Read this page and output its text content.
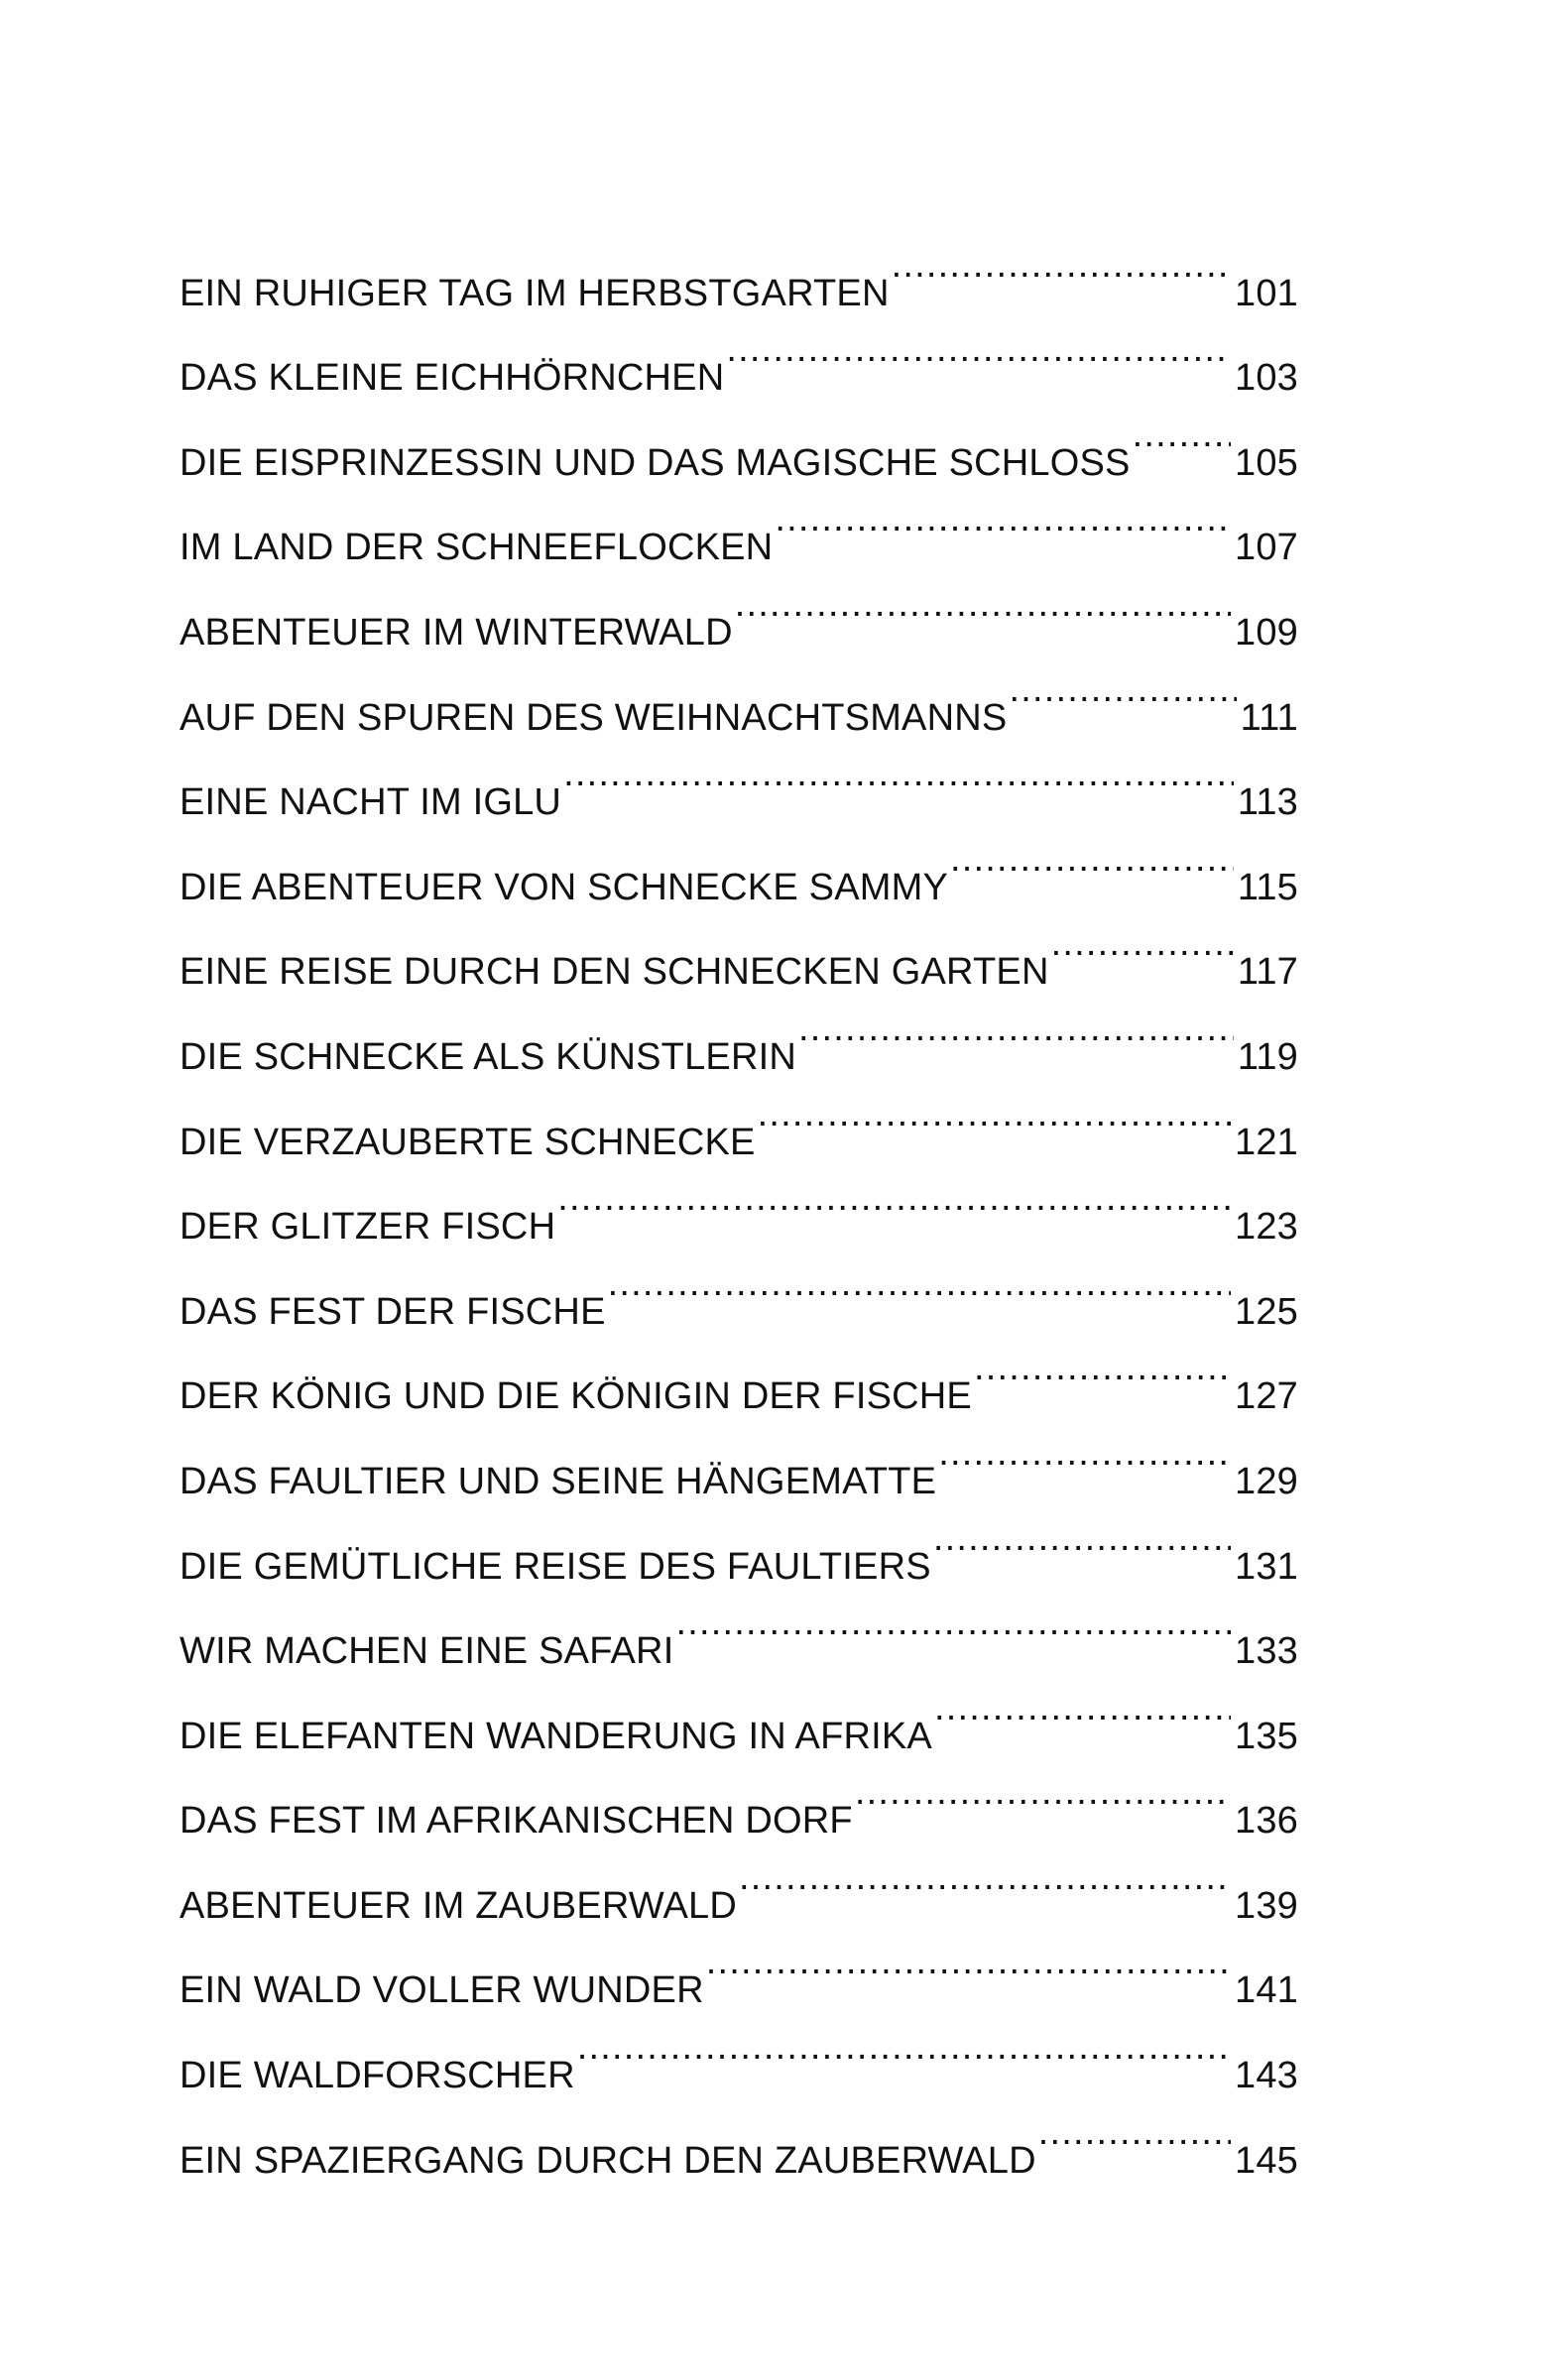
EIN RUHIGER TAG IM HERBSTGARTEN .....	101
DAS KLEINE EICHHÖRNCHEN .....	103
DIE EISPRINZESSIN UND DAS MAGISCHE SCHLOSS .....	105
IM LAND DER SCHNEEFLOCKEN .....	107
ABENTEUER IM WINTERWALD .....	109
AUF DEN SPUREN DES WEIHNACHTSMANNS .....	111
EINE NACHT IM IGLU .....	113
DIE ABENTEUER VON SCHNECKE SAMMY .....	115
EINE REISE DURCH DEN SCHNECKEN GARTEN .....	117
DIE SCHNECKE ALS KÜNSTLERIN .....	119
DIE VERZAUBERTE SCHNECKE .....	121
DER GLITZER FISCH .....	123
DAS FEST DER FISCHE .....	125
DER KÖNIG UND DIE KÖNIGIN DER FISCHE .....	127
DAS FAULTIER UND SEINE HÄNGEMATTE .....	129
DIE GEMÜTLICHE REISE DES FAULTIERS .....	131
WIR MACHEN EINE SAFARI .....	133
DIE ELEFANTEN WANDERUNG IN AFRIKA .....	135
DAS FEST IM AFRIKANISCHEN DORF .....	136
ABENTEUER IM ZAUBERWALD .....	139
EIN WALD VOLLER WUNDER .....	141
DIE WALDFORSCHER .....	143
EIN SPAZIERGANG DURCH DEN ZAUBERWALD .....	145
